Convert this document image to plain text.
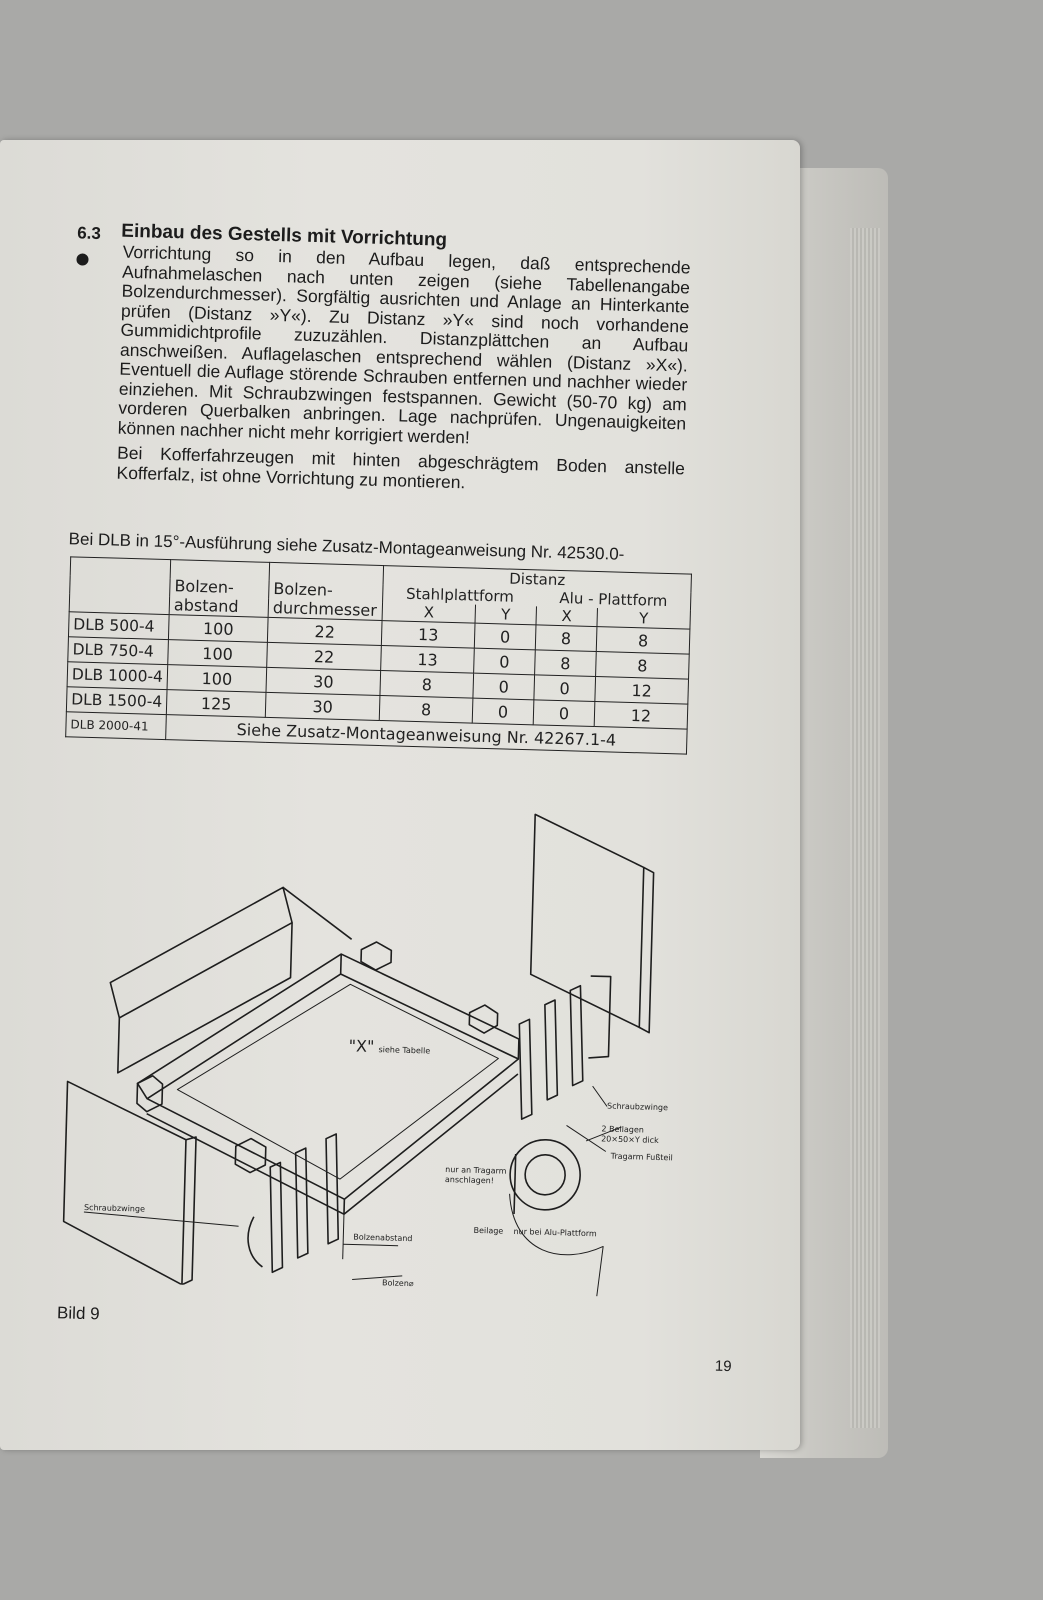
6.3 Einbau des Gestells mit Vorrichtung

Vorrichtung so in den Aufbau legen, daß entsprechende Aufnahmelaschen nach unten zeigen (siehe Tabellenangabe Bolzendurchmesser). Sorgfältig ausrichten und Anlage an Hinterkante prüfen (Distanz »Y«). Zu Distanz »Y« sind noch vorhandene Gummidichtprofile zuzuzählen. Distanzplättchen an Aufbau anschweißen. Auflagelaschen entsprechend wählen (Distanz »X«). Eventuell die Auflage störende Schrauben entfernen und nachher wieder einziehen. Mit Schraubzwingen festspannen. Gewicht (50-70 kg) am vorderen Querbalken anbringen. Lage nachprüfen. Ungenauigkeiten können nachher nicht mehr korrigiert werden!

Bei Kofferfahrzeugen mit hinten abgeschrägtem Boden anstelle Kofferfalz, ist ohne Vorrichtung zu montieren.

Bei DLB in 15°-Ausführung siehe Zusatz-Montageanweisung Nr. 42530.0-
	Bolzen-abstand	Bolzen-durchmesser	Distanz			
			Stahlplattform		Alu - Plattform	
			X	Y	X	Y
DLB 500-4	100	22	13	0	8	8
DLB 750-4	100	22	13	0	8	8
DLB 1000-4	100	30	8	0	0	12
DLB 1500-4	125	30	8	0	0	12
DLB 2000-41	Siehe Zusatz-Montageanweisung Nr. 42267.1-4					
"X" siehe Tabelle
Schraubzwinge
2 Beilagen
20×50×Y dick
nur an Tragarm
anschlagen!
Tragarm Fußteil
Schraubzwinge
Bolzenabstand
Bolzen⌀
Beilage nur bei Alu-Plattform
Bild 9
19
